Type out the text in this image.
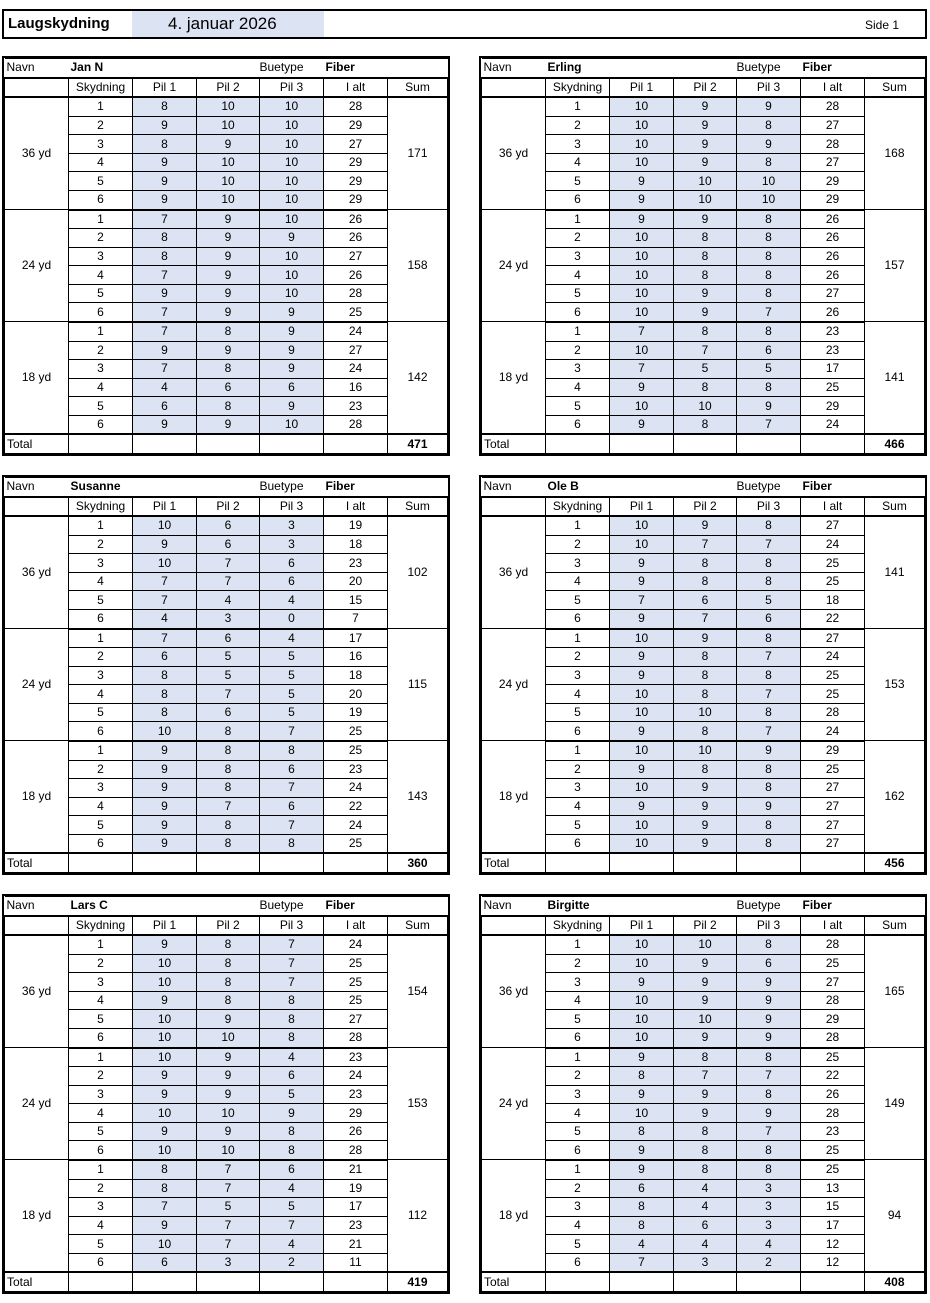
Laugskydning	4. januar 2026	Side 1
Navn	Jan N			Buetype	Fiber	
	Skydning	Pil 1	Pil 2	Pil 3	I alt	Sum
36 yd	1	8	10	10	28	171
2	9	10	10	29
3	8	9	10	27
4	9	10	10	29
5	9	10	10	29
6	9	10	10	29
24 yd	1	7	9	10	26	158
2	8	9	9	26
3	8	9	10	27
4	7	9	10	26
5	9	9	10	28
6	7	9	9	25
18 yd	1	7	8	9	24	142
2	9	9	9	27
3	7	8	9	24
4	4	6	6	16
5	6	8	9	23
6	9	9	10	28
Total						471
Navn	Erling			Buetype	Fiber	
	Skydning	Pil 1	Pil 2	Pil 3	I alt	Sum
36 yd	1	10	9	9	28	168
2	10	9	8	27
3	10	9	9	28
4	10	9	8	27
5	9	10	10	29
6	9	10	10	29
24 yd	1	9	9	8	26	157
2	10	8	8	26
3	10	8	8	26
4	10	8	8	26
5	10	9	8	27
6	10	9	7	26
18 yd	1	7	8	8	23	141
2	10	7	6	23
3	7	5	5	17
4	9	8	8	25
5	10	10	9	29
6	9	8	7	24
Total						466
Navn	Susanne			Buetype	Fiber	
	Skydning	Pil 1	Pil 2	Pil 3	I alt	Sum
36 yd	1	10	6	3	19	102
2	9	6	3	18
3	10	7	6	23
4	7	7	6	20
5	7	4	4	15
6	4	3	0	7
24 yd	1	7	6	4	17	115
2	6	5	5	16
3	8	5	5	18
4	8	7	5	20
5	8	6	5	19
6	10	8	7	25
18 yd	1	9	8	8	25	143
2	9	8	6	23
3	9	8	7	24
4	9	7	6	22
5	9	8	7	24
6	9	8	8	25
Total						360
Navn	Ole B			Buetype	Fiber	
	Skydning	Pil 1	Pil 2	Pil 3	I alt	Sum
36 yd	1	10	9	8	27	141
2	10	7	7	24
3	9	8	8	25
4	9	8	8	25
5	7	6	5	18
6	9	7	6	22
24 yd	1	10	9	8	27	153
2	9	8	7	24
3	9	8	8	25
4	10	8	7	25
5	10	10	8	28
6	9	8	7	24
18 yd	1	10	10	9	29	162
2	9	8	8	25
3	10	9	8	27
4	9	9	9	27
5	10	9	8	27
6	10	9	8	27
Total						456
Navn	Lars C			Buetype	Fiber	
	Skydning	Pil 1	Pil 2	Pil 3	I alt	Sum
36 yd	1	9	8	7	24	154
2	10	8	7	25
3	10	8	7	25
4	9	8	8	25
5	10	9	8	27
6	10	10	8	28
24 yd	1	10	9	4	23	153
2	9	9	6	24
3	9	9	5	23
4	10	10	9	29
5	9	9	8	26
6	10	10	8	28
18 yd	1	8	7	6	21	112
2	8	7	4	19
3	7	5	5	17
4	9	7	7	23
5	10	7	4	21
6	6	3	2	11
Total						419
Navn	Birgitte			Buetype	Fiber	
	Skydning	Pil 1	Pil 2	Pil 3	I alt	Sum
36 yd	1	10	10	8	28	165
2	10	9	6	25
3	9	9	9	27
4	10	9	9	28
5	10	10	9	29
6	10	9	9	28
24 yd	1	9	8	8	25	149
2	8	7	7	22
3	9	9	8	26
4	10	9	9	28
5	8	8	7	23
6	9	8	8	25
18 yd	1	9	8	8	25	94
2	6	4	3	13
3	8	4	3	15
4	8	6	3	17
5	4	4	4	12
6	7	3	2	12
Total						408
